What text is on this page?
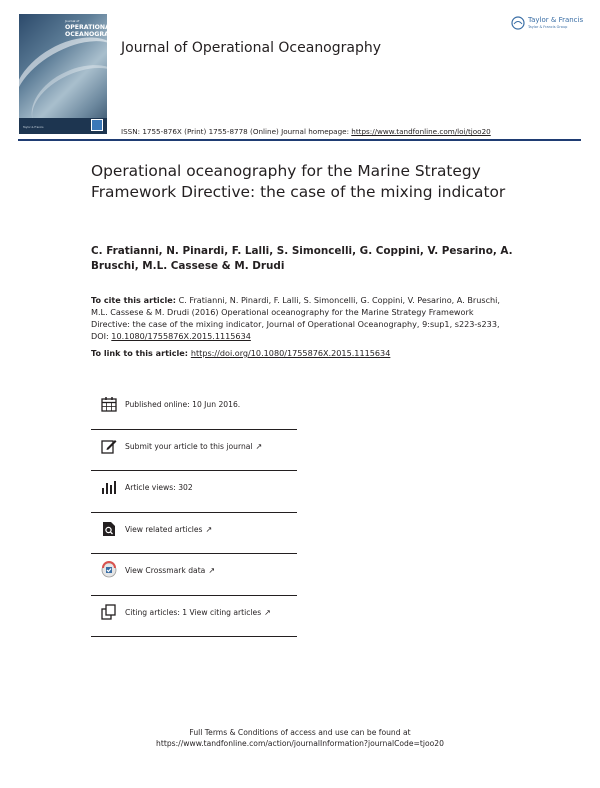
Journal of
OPERATIONAL OCEANOGRAPHY
Taylor & Francis
Journal of Operational Oceanography
Taylor & Francis
Taylor & Francis Group
ISSN: 1755-876X (Print) 1755-8778 (Online) Journal homepage: https://www.tandfonline.com/loi/tjoo20
Operational oceanography for the Marine Strategy Framework Directive: the case of the mixing indicator
C. Fratianni, N. Pinardi, F. Lalli, S. Simoncelli, G. Coppini, V. Pesarino, A. Bruschi, M.L. Cassese & M. Drudi
To cite this article: C. Fratianni, N. Pinardi, F. Lalli, S. Simoncelli, G. Coppini, V. Pesarino, A. Bruschi, M.L. Cassese & M. Drudi (2016) Operational oceanography for the Marine Strategy Framework Directive: the case of the mixing indicator, Journal of Operational Oceanography, 9:sup1, s223-s233, DOI: 10.1080/1755876X.2015.1115634
To link to this article: https://doi.org/10.1080/1755876X.2015.1115634
Published online: 10 Jun 2016.
Submit your article to this journal ↗
Article views: 302
View related articles ↗
View Crossmark data ↗
Citing articles: 1 View citing articles ↗
Full Terms & Conditions of access and use can be found at
https://www.tandfonline.com/action/journalInformation?journalCode=tjoo20
